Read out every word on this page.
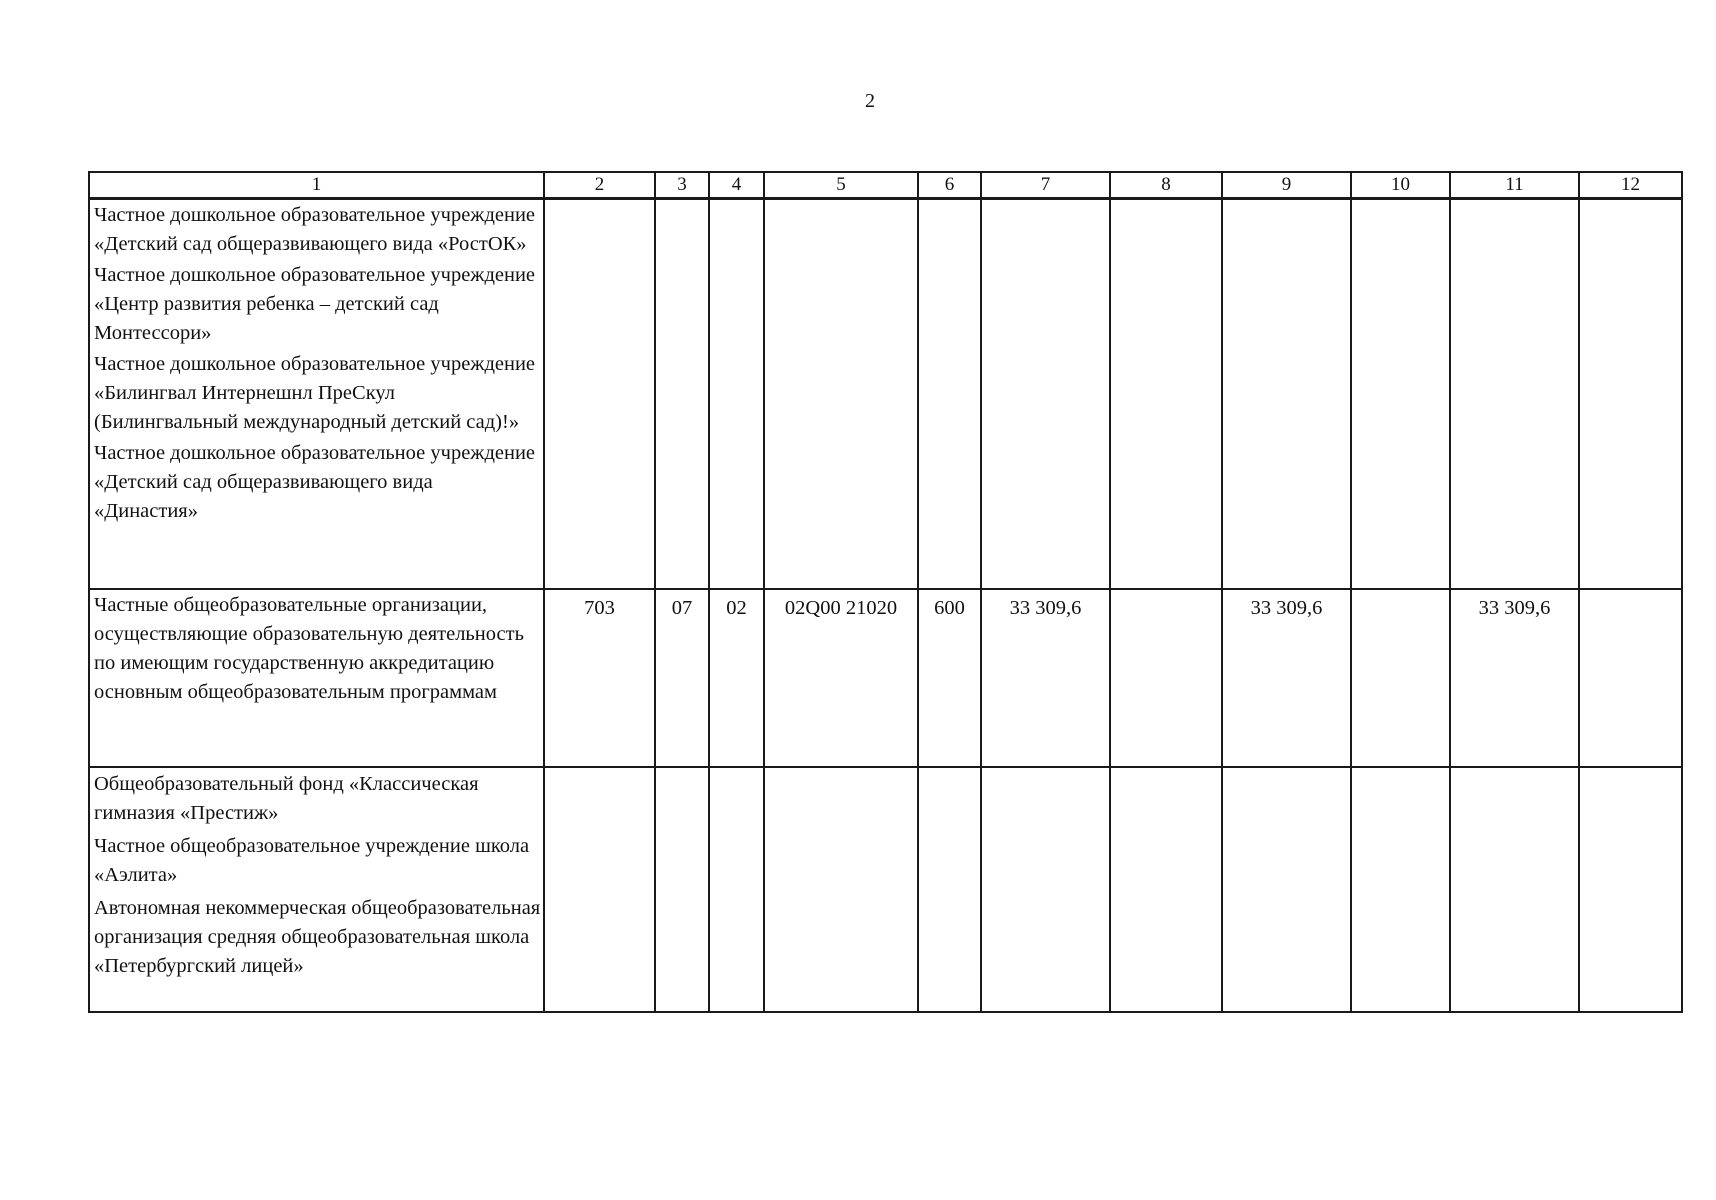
2
1	2	3	4	5	6	7	8	9	10	11	12

Частное дошкольное образовательное учреждение «Детский сад общеразвивающего вида «РостОК»
Частное дошкольное образовательное учреждение «Центр развития ребенка – детский сад Монтессори»
Частное дошкольное образовательное учреждение «Билингвал Интернешнл ПреСкул (Билингвальный международный детский сад)!»
Частное дошкольное образовательное учреждение «Детский сад общеразвивающего вида «Династия»											

Частные общеобразовательные организации, осуществляющие образовательную деятельность по имеющим государственную аккредитацию основным общеобразовательным программам	703	07	02	02Q00 21020	600	33 309,6		33 309,6		33 309,6	

Общеобразовательный фонд «Классическая гимназия «Престиж»
Частное общеобразовательное учреждение школа «Аэлита»
Автономная некоммерческая общеобразовательная организация средняя общеобразовательная школа «Петербургский лицей»											
